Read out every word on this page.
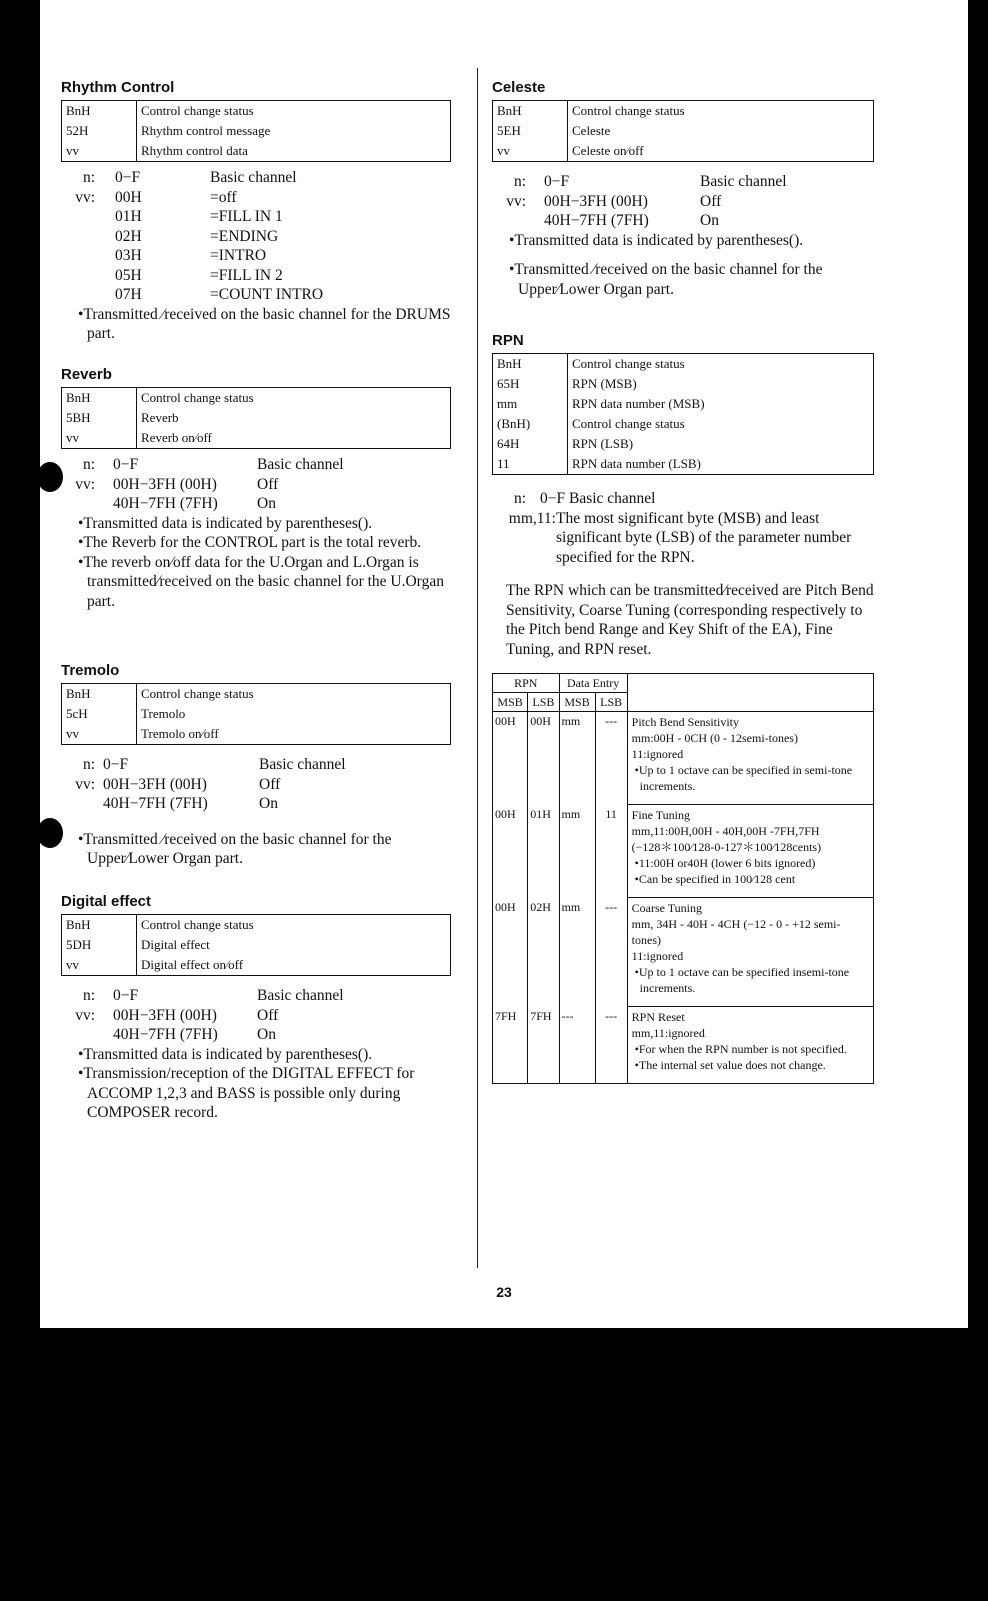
Rhythm Control
BnH	Control change status
52H	Rhythm control message
vv	Rhythm control data
n:	0−F	Basic channel
vv:	00H	=off
01H	=FILL IN 1
02H	=ENDING
03H	=INTRO
05H	=FILL IN 2
07H	=COUNT INTRO
•Transmitted ⁄received on the basic channel for the DRUMS part.
Reverb
BnH	Control change status
5BH	Reverb
vv	Reverb on⁄off
n:	0−F	Basic channel
vv:	00H−3FH (00H)	Off
40H−7FH (7FH)	On
•Transmitted data is indicated by parentheses().
•The Reverb for the CONTROL part is the total reverb.
•The reverb on⁄off data for the U.Organ and L.Organ is transmitted⁄received on the basic channel for the U.Organ part.
Tremolo
BnH	Control change status
5cH	Tremolo
vv	Tremolo on⁄off
n: 0−F	Basic channel
vv: 00H−3FH (00H)	Off
40H−7FH (7FH)	On
•Transmitted ⁄received on the basic channel for the Upper⁄Lower Organ part.
Digital effect
BnH	Control change status
5DH	Digital effect
vv	Digital effect on⁄off
n:	0−F	Basic channel
vv:	00H−3FH (00H)	Off
40H−7FH (7FH)	On
•Transmitted data is indicated by parentheses().
•Transmission/reception of the DIGITAL EFFECT for ACCOMP 1,2,3 and BASS is possible only during COMPOSER record.
Celeste
BnH	Control change status
5EH	Celeste
vv	Celeste on⁄off
n:	0−F	Basic channel
vv:	00H−3FH (00H)	Off
40H−7FH (7FH)	On
•Transmitted data is indicated by parentheses().
•Transmitted ⁄received on the basic channel for the Upper⁄Lower Organ part.
RPN
BnH	Control change status
65H	RPN (MSB)
mm	RPN data number (MSB)
(BnH)	Control change status
64H	RPN (LSB)
11	RPN data number (LSB)
n: 0−F Basic channel
mm,11: The most significant byte (MSB) and least significant byte (LSB) of the parameter number specified for the RPN.
The RPN which can be transmitted⁄received are Pitch Bend Sensitivity, Coarse Tuning (corresponding respectively to the Pitch bend Range and Key Shift of the EA), Fine Tuning, and RPN reset.
RPN		Data Entry		
MSB	LSB	MSB	LSB	
00H	00H	mm	---	Pitch Bend Sensitivity
mm:00H - 0CH (0 - 12semi-tones)
11:ignored
•Up to 1 octave can be specified in semi-tone increments.

00H	01H	mm	11	Fine Tuning
mm,11:00H,00H - 40H,00H -7FH,7FH
(−128＊100⁄128-0-127＊100⁄128cents)
•11:00H or40H (lower 6 bits ignored)
•Can be specified in 100⁄128 cent

00H	02H	mm	---	Coarse Tuning
mm, 34H - 40H - 4CH (−12 - 0 - +12 semi-tones)
11:ignored
•Up to 1 octave can be specified insemi-tone increments.

7FH	7FH	---	---	RPN Reset
mm,11:ignored
•For when the RPN number is not specified.
•The internal set value does not change.
23
